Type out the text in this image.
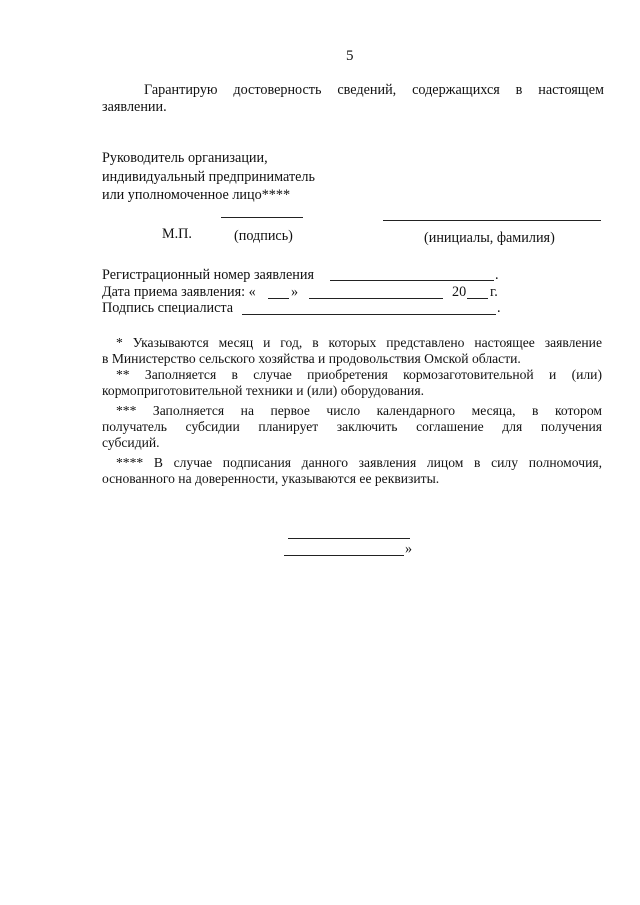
5
Гарантирую достоверность сведений, содержащихся в настоящем
заявлении.
Руководитель организации,
индивидуальный предприниматель
или уполномоченное лицо****
М.П.	(подпись)	(инициалы, фамилия)
Регистрационный номер заявления	.
Дата приема заявления: « »	20 г.
Подпись специалиста	.
* Указываются месяц и год, в которых представлено настоящее заявление
в Министерство сельского хозяйства и продовольствия Омской области.
** Заполняется в случае приобретения кормозаготовительной и (или)
кормоприготовительной техники и (или) оборудования.
*** Заполняется на первое число календарного месяца, в котором
получатель субсидии планирует заключить соглашение для получения
субсидий.
**** В случае подписания данного заявления лицом в силу полномочия,
основанного на доверенности, указываются ее реквизиты.
»
